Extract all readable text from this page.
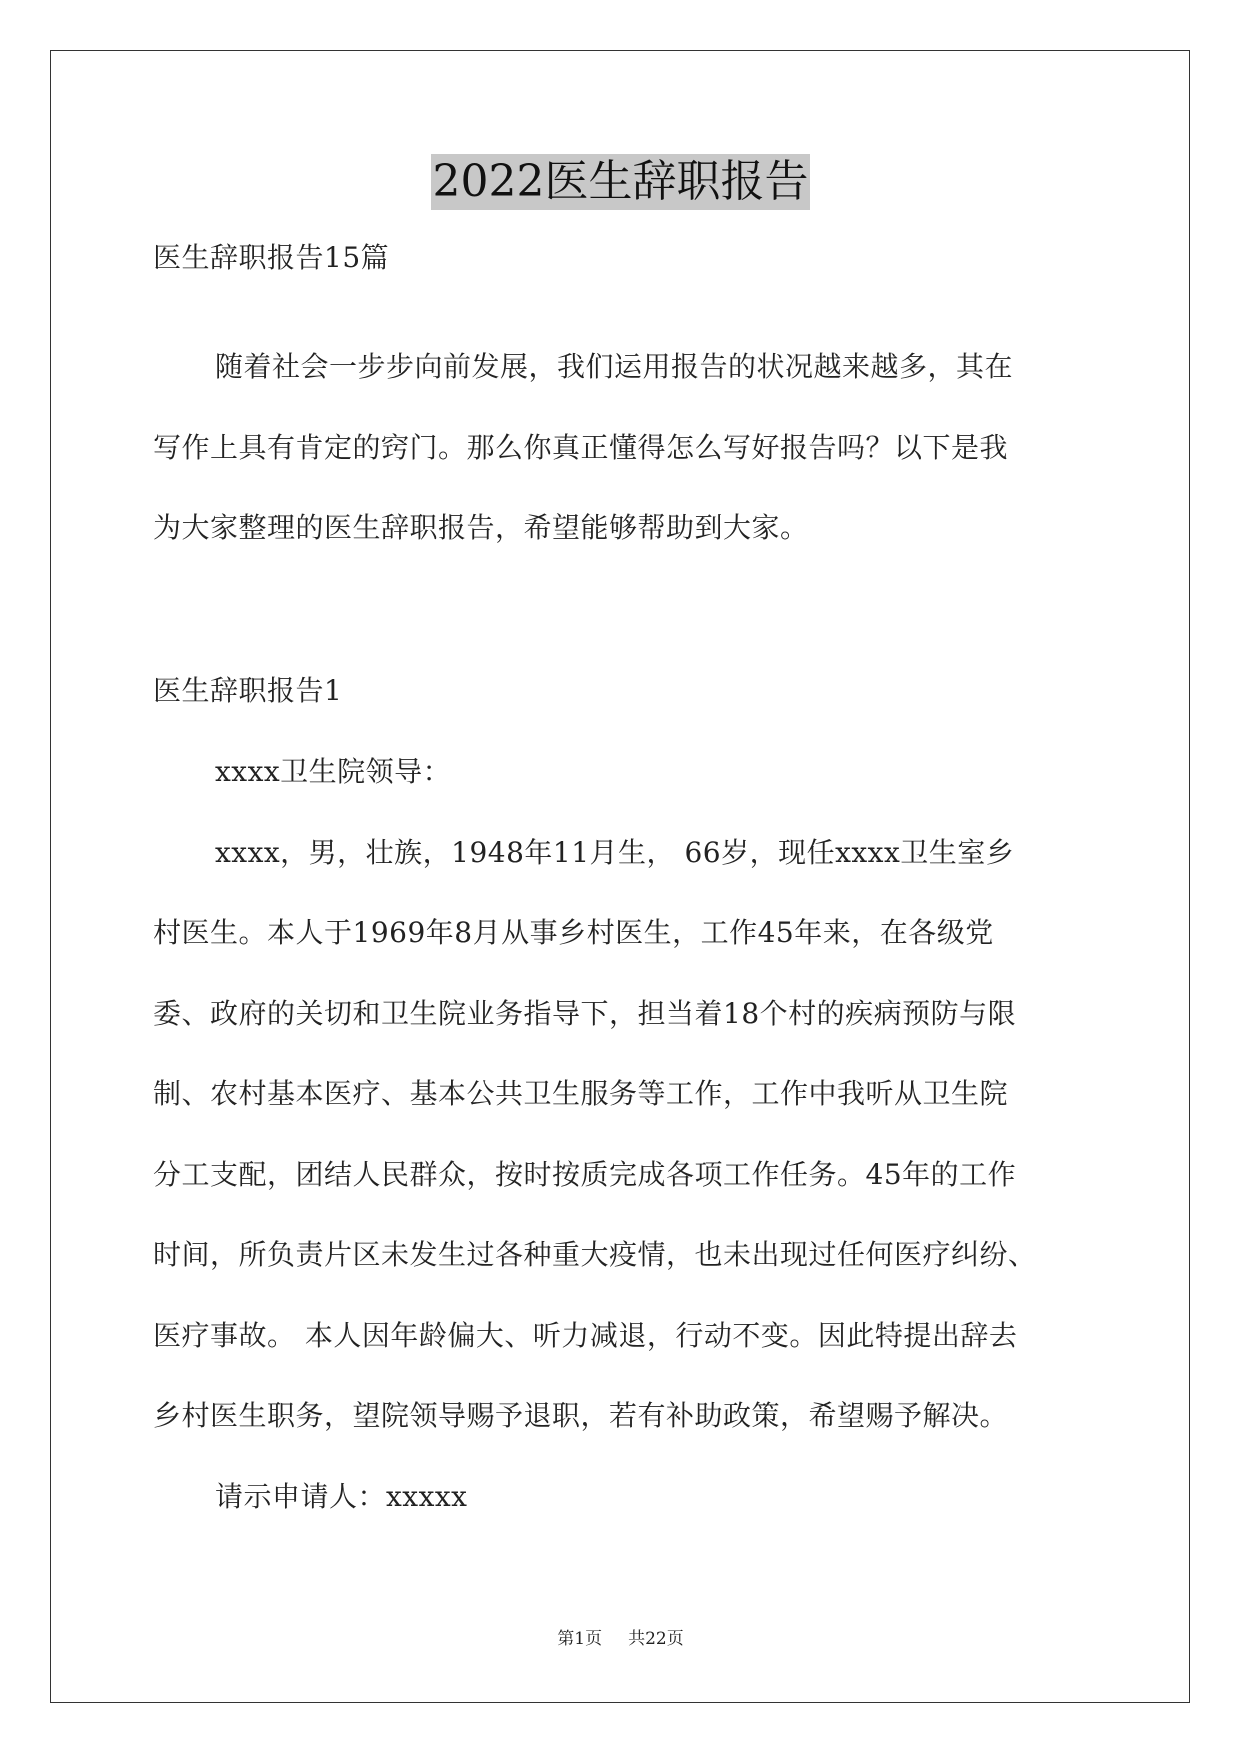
2022医生辞职报告
医生辞职报告15篇
随着社会一步步向前发展，我们运用报告的状况越来越多，其在
写作上具有肯定的窍门。那么你真正懂得怎么写好报告吗？以下是我
为大家整理的医生辞职报告，希望能够帮助到大家。
医生辞职报告1
xxxx卫生院领导：
xxxx，男，壮族，1948年11月生， 66岁，现任xxxx卫生室乡
村医生。本人于1969年8月从事乡村医生，工作45年来，在各级党
委、政府的关切和卫生院业务指导下，担当着18个村的疾病预防与限
制、农村基本医疗、基本公共卫生服务等工作，工作中我听从卫生院
分工支配，团结人民群众，按时按质完成各项工作任务。45年的工作
时间，所负责片区未发生过各种重大疫情，也未出现过任何医疗纠纷、
医疗事故。 本人因年龄偏大、听力减退，行动不变。因此特提出辞去
乡村医生职务，望院领导赐予退职，若有补助政策，希望赐予解决。
请示申请人：xxxxx
第1页 共22页
